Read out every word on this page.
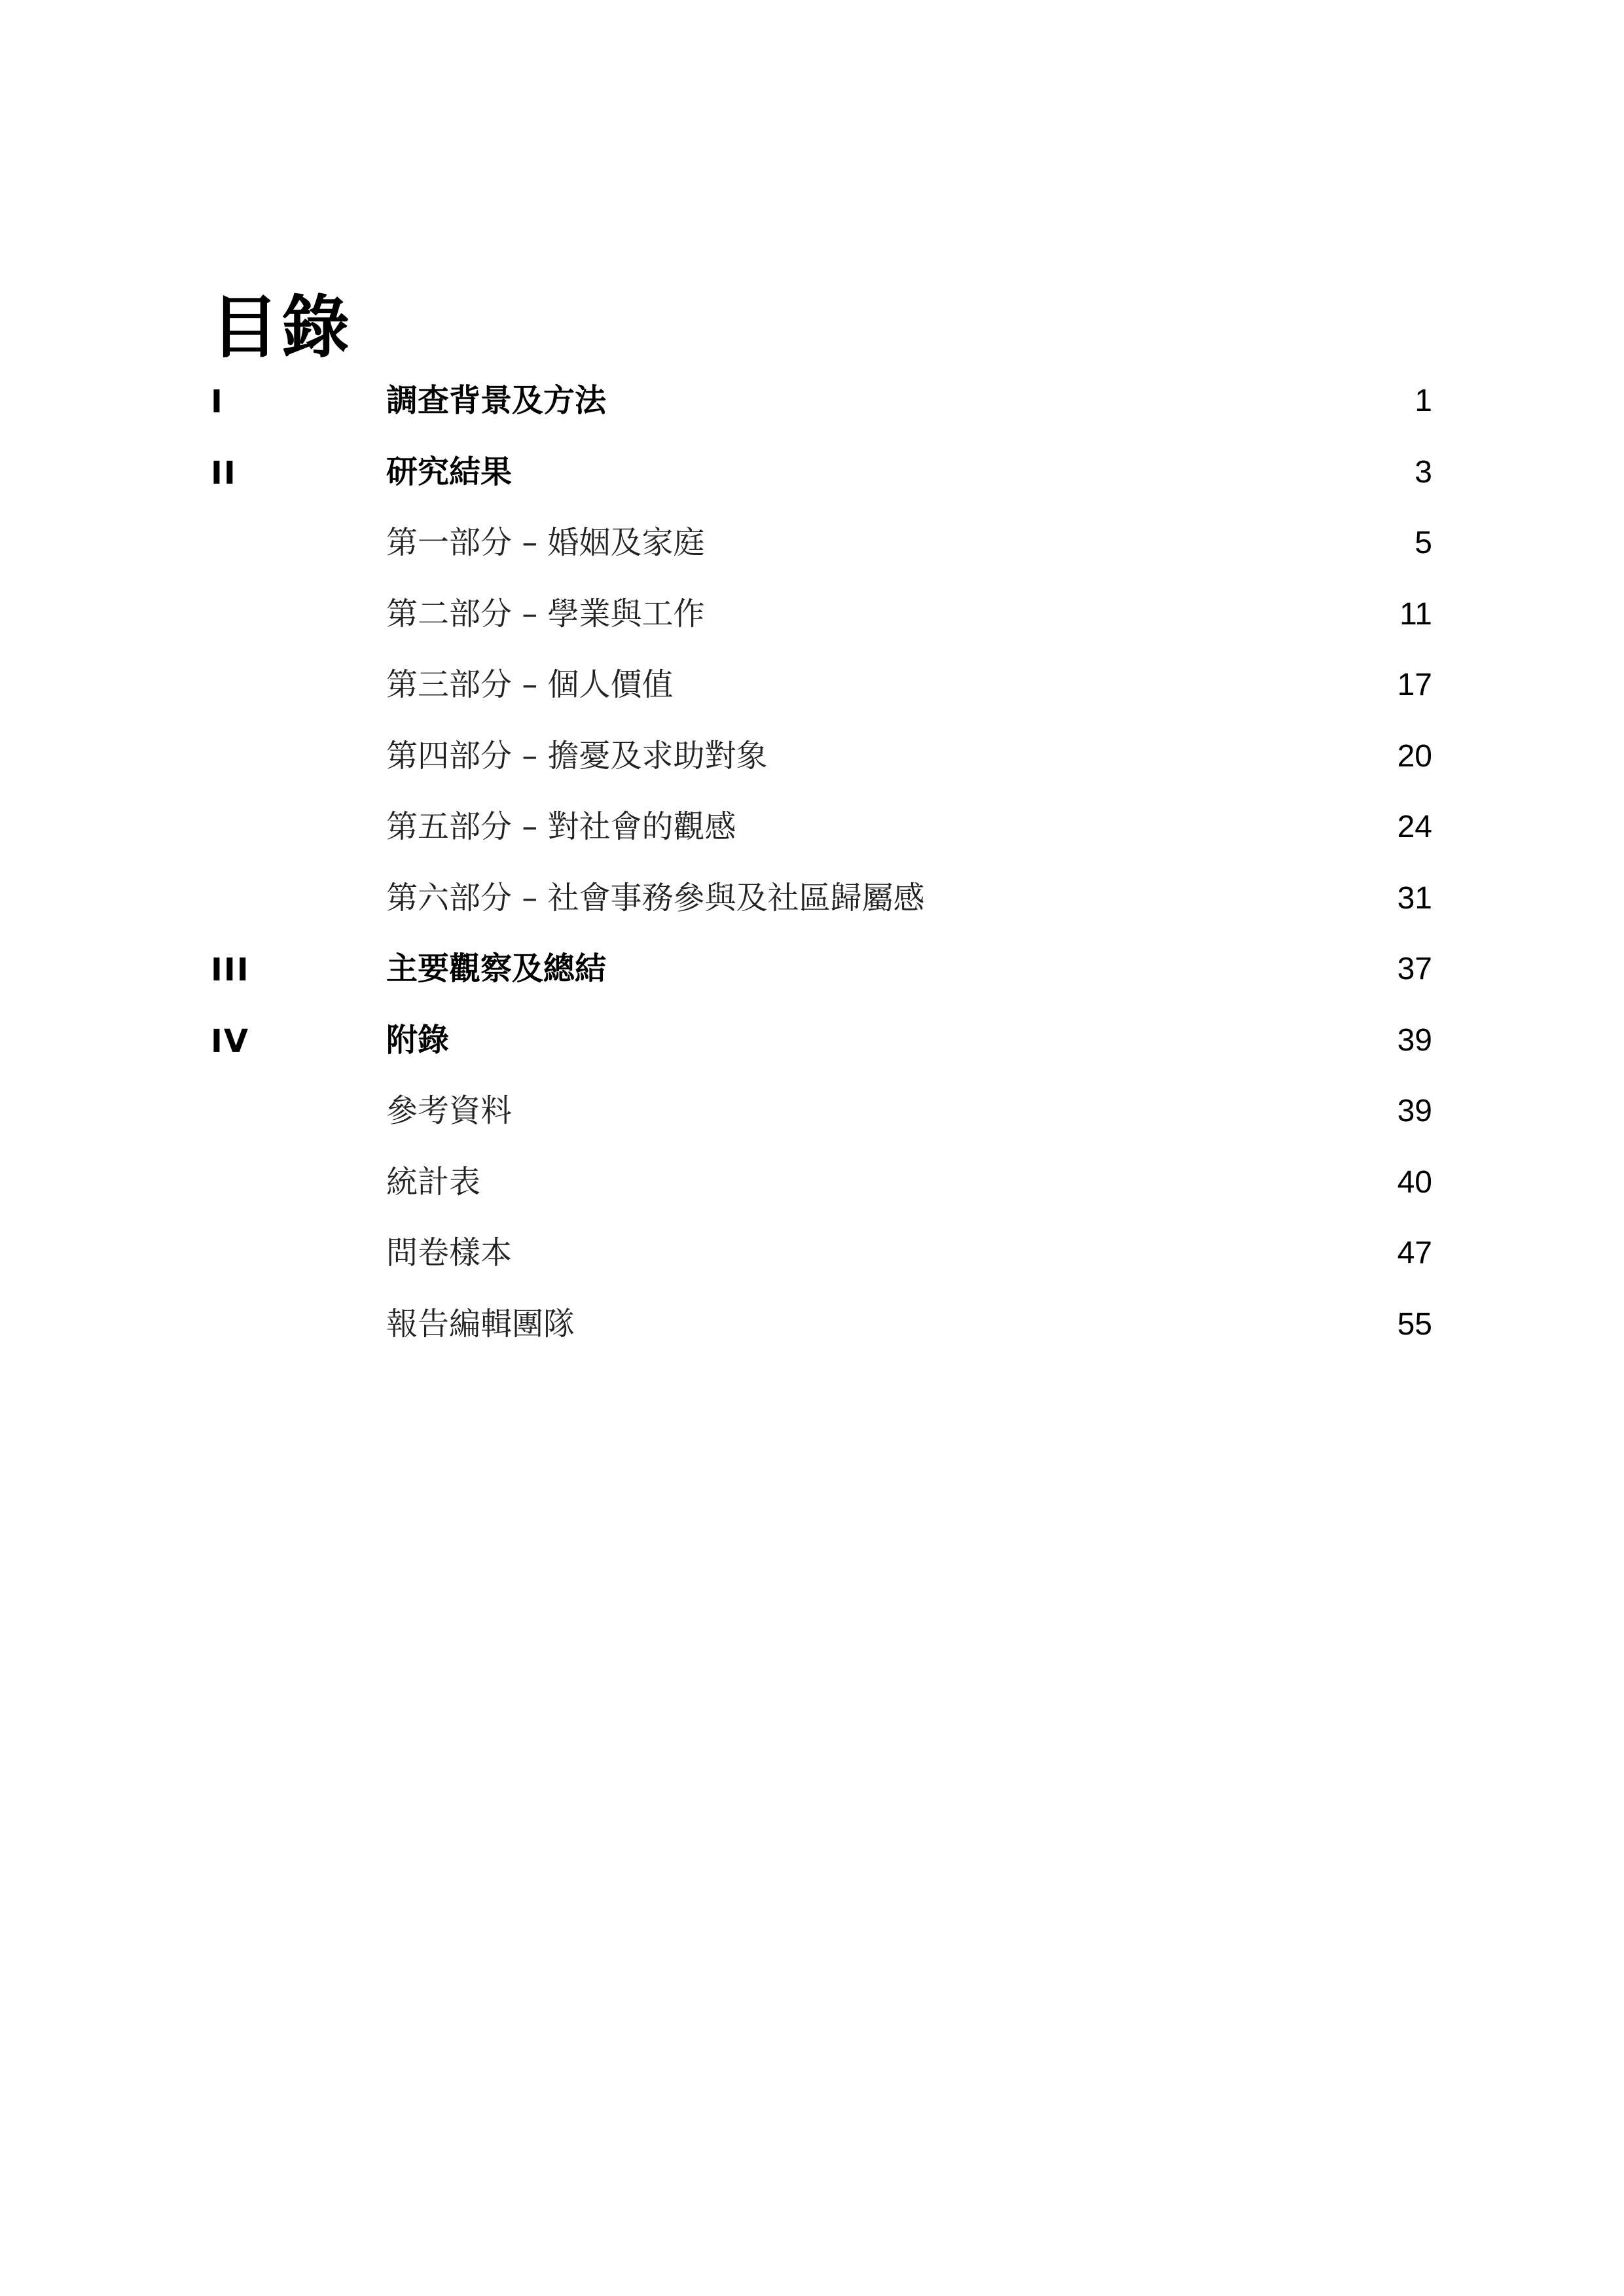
目錄
I	調查背景及方法	1
II	研究結果	3
第一部分 – 婚姻及家庭	5
第二部分 – 學業與工作	11
第三部分 – 個人價值	17
第四部分 – 擔憂及求助對象	20
第五部分 – 對社會的觀感	24
第六部分 – 社會事務參與及社區歸屬感	31
III	主要觀察及總結	37
IV	附錄	39
參考資料	39
統計表	40
問卷樣本	47
報告編輯團隊	55
